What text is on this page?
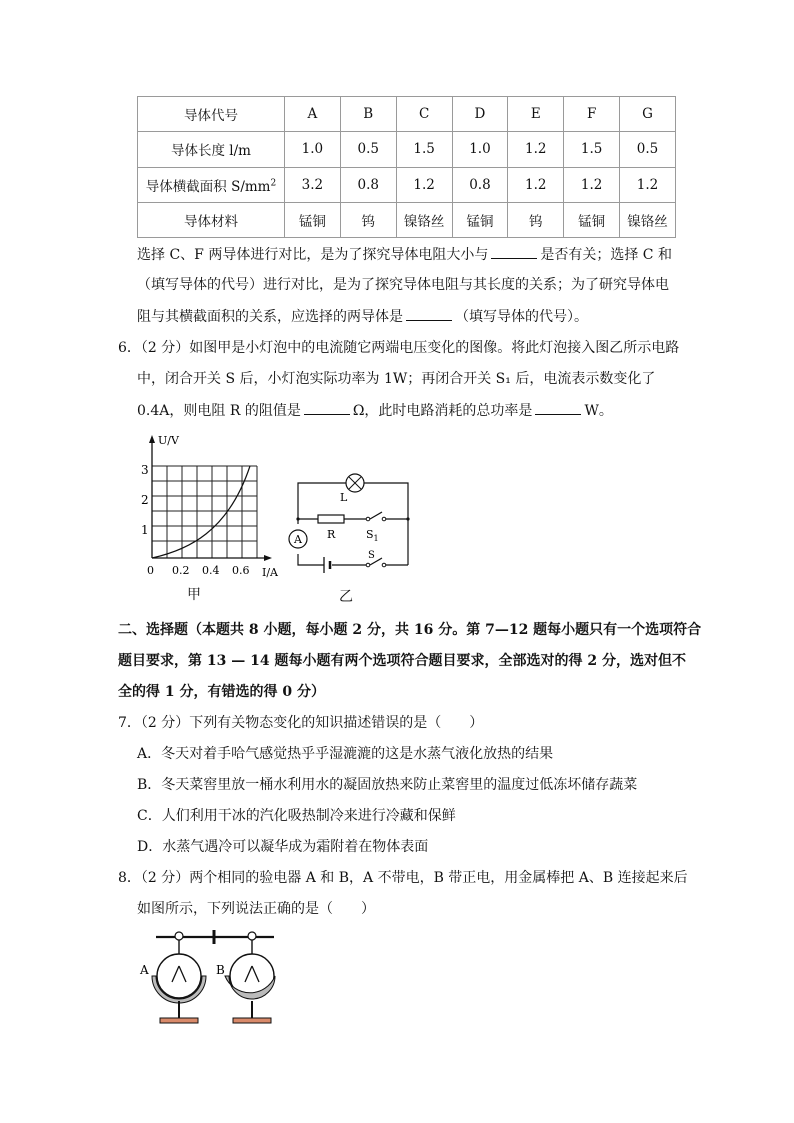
导体代号	A	B	C	D	E	F	G
导体长度 l/m	1.0	0.5	1.5	1.0	1.2	1.5	0.5
导体横截面积 $S/mm^2$	3.2	0.8	1.2	0.8	1.2	1.2	1.2
导体材料	锰铜	钨	镍铬丝	锰铜	钨	锰铜	镍铬丝
选择 C、F 两导体进行对比，是为了探究导体电阻大小与	是否有关；选择 C 和
（填写导体的代号）进行对比，是为了探究导体电阻与其长度的关系；为了研究导体电
阻与其横截面积的关系，应选择的两导体是	（填写导体的代号）。
6．（2 分）如图甲是小灯泡中的电流随它两端电压变化的图像。将此灯泡接入图乙所示电路
中，闭合开关 S 后，小灯泡实际功率为 1W；再闭合开关 S₁ 后，电流表示数变化了
0.4A，则电阻 R 的阻值是	Ω，此时电路消耗的总功率是	W。
U/V
3
2
1
0 0.2 0.4 0.6 I/A
甲
A
L
R	$S_1$
S
乙
二、选择题（本题共 8 小题，每小题 2 分，共 16 分。第 7—12 题每小题只有一个选项符合
题目要求，第 13 — 14 题每小题有两个选项符合题目要求，全部选对的得 2 分，选对但不
全的得 1 分，有错选的得 0 分）
7．（2 分）下列有关物态变化的知识描述错误的是（　　）
A．冬天对着手哈气感觉热乎乎湿漉漉的这是水蒸气液化放热的结果
B．冬天菜窖里放一桶水利用水的凝固放热来防止菜窖里的温度过低冻坏储存蔬菜
C．人们利用干冰的汽化吸热制冷来进行冷藏和保鲜
D．水蒸气遇冷可以凝华成为霜附着在物体表面
8．（2 分）两个相同的验电器 A 和 B，A 不带电，B 带正电，用金属棒把 A、B 连接起来后
如图所示，下列说法正确的是（　　）
A	B
